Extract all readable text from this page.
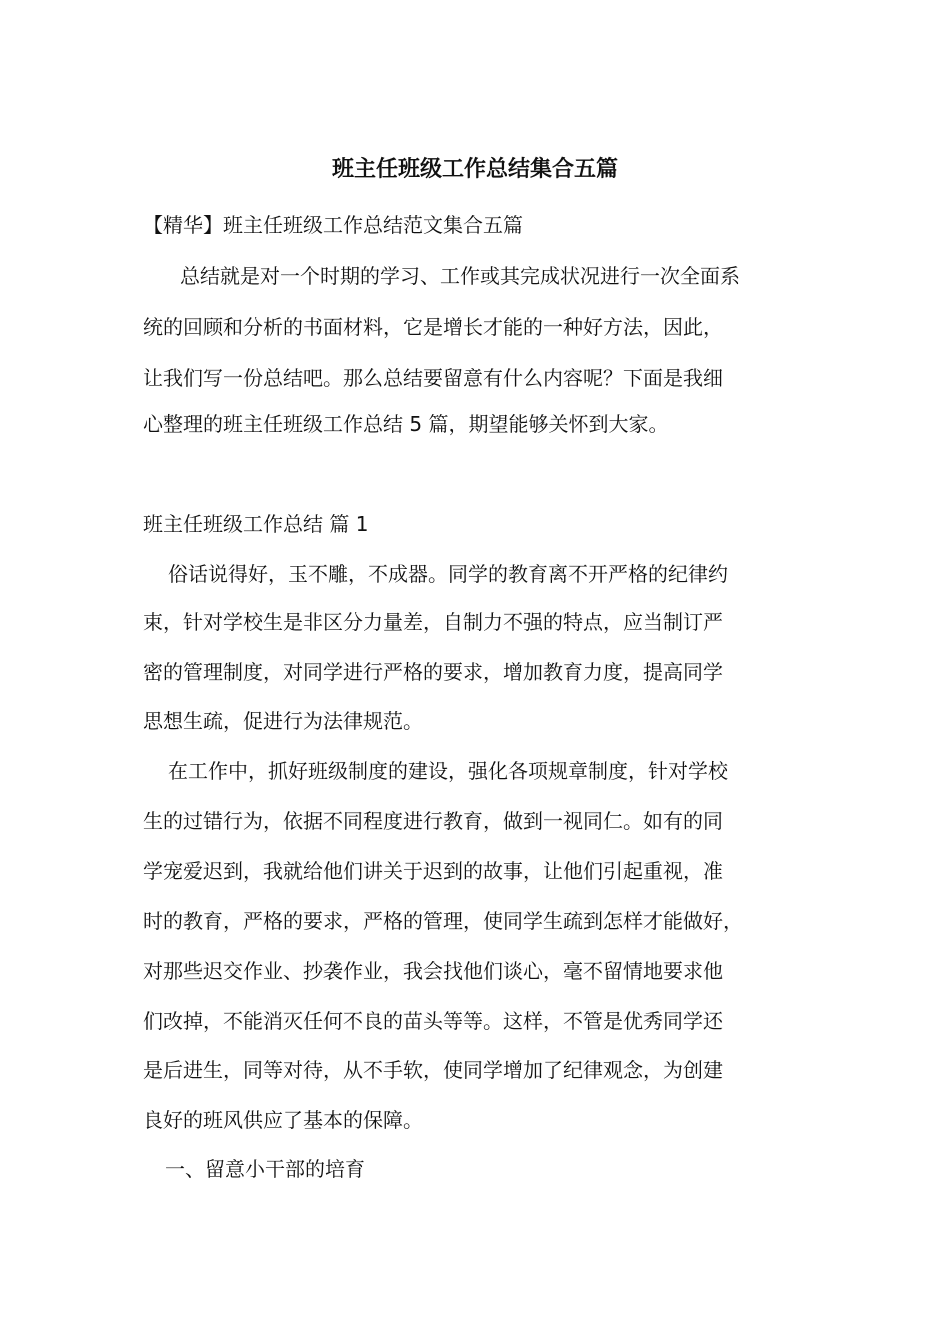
班主任班级工作总结集合五篇
【精华】班主任班级工作总结范文集合五篇
总结就是对一个时期的学习、工作或其完成状况进行一次全面系
统的回顾和分析的书面材料，它是增长才能的一种好方法，因此，
让我们写一份总结吧。那么总结要留意有什么内容呢？下面是我细
心整理的班主任班级工作总结 5 篇，期望能够关怀到大家。
班主任班级工作总结 篇 1
俗话说得好，玉不雕，不成器。同学的教育离不开严格的纪律约
束，针对学校生是非区分力量差，自制力不强的特点，应当制订严
密的管理制度，对同学进行严格的要求，增加教育力度，提高同学
思想生疏，促进行为法律规范。
在工作中，抓好班级制度的建设，强化各项规章制度，针对学校
生的过错行为，依据不同程度进行教育，做到一视同仁。如有的同
学宠爱迟到，我就给他们讲关于迟到的故事，让他们引起重视，准
时的教育，严格的要求，严格的管理，使同学生疏到怎样才能做好，
对那些迟交作业、抄袭作业，我会找他们谈心，毫不留情地要求他
们改掉，不能消灭任何不良的苗头等等。这样，不管是优秀同学还
是后进生，同等对待，从不手软，使同学增加了纪律观念，为创建
良好的班风供应了基本的保障。
一、留意小干部的培育
